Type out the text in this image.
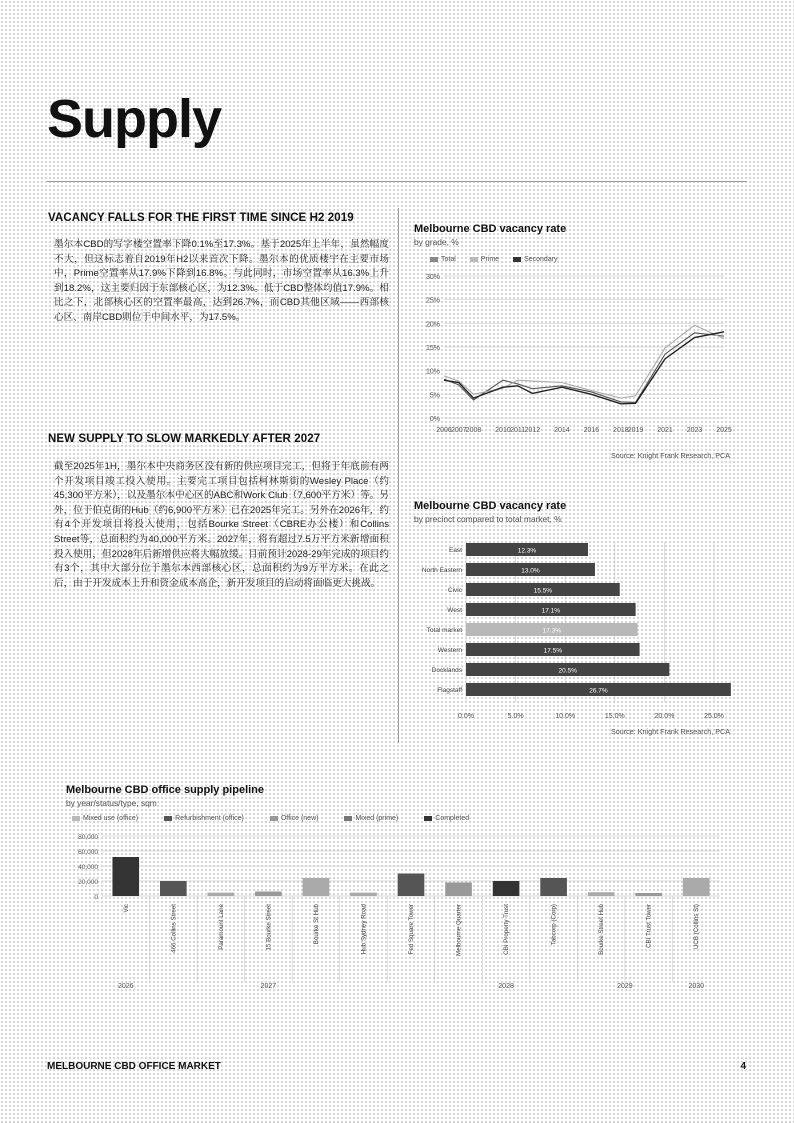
Supply
VACANCY FALLS FOR THE FIRST TIME SINCE H2 2019
墨尔本CBD的写字楼空置率下降0.1%至17.3%。基于2025年上半年，虽然幅度不大，但这标志着自2019年H2以来首次下降。墨尔本的优质楼宇在主要市场中，Prime空置率从17.9%下降到16.8%。与此同时，市场空置率从16.3%上升到18.2%，这主要归因于东部核心区，为12.3%。低于CBD整体均值17.9%。相比之下，北部核心区的空置率最高，达到26.7%，而CBD其他区域——西部核心区、南岸CBD则位于中间水平，为17.5%。
NEW SUPPLY TO SLOW MARKEDLY AFTER 2027
截至2025年1H，墨尔本中央商务区没有新的供应项目完工，但将于年底前有两个开发项目竣工投入使用。主要完工项目包括柯林斯街的Wesley Place（约45,300平方米），以及墨尔本中心区的ABC和Work Club（7,600平方米）等。另外，位于伯克街的Hub（约6,900平方米）已在2025年完工。另外在2026年，约有4个开发项目将投入使用，包括Bourke Street（CBRE办公楼）和Collins Street等，总面积约为40,000平方米。2027年，将有超过7.5万平方米新增面积投入使用，但2028年后新增供应将大幅放缓。目前预计2028-29年完成的项目约有3个，其中大部分位于墨尔本西部核心区，总面积约为9万平方米。在此之后，由于开发成本上升和资金成本高企，新开发项目的启动将面临更大挑战。
Melbourne CBD vacancy rate
by grade, %
Total	Prime	Secondary
0%
5%
10%
15%
20%
25%
30%
2006 2007 2008 2010 2011 2012 2014 2016 2018 2019 2021 2023 2025
Source: Knight Frank Research, PCA
Melbourne CBD vacancy rate
by precinct compared to total market, %
0.0%	5.0%	10.0%	15.0%	20.0%	25.0%
East	12.3%
North Eastern	13.0%
Civic	15.5%
West	17.1%
Total market	17.3%
Western	17.5%
Docklands	20.5%
Flagstaff	26.7%
Source: Knight Frank Research, PCA
Melbourne CBD office supply pipeline
by year/status/type, sqm
Mixed use (office)	Refurbishment (office)	Office (new)	Mixed (prime)	Completed
0
20,000
40,000
60,000
80,000
Vic	466 Collins Street	Paramount Lane	15 Bourke Street	Bourke St Hub	Hub Sydney Road	Fed Square Tower	Melbourne Quarter	CBI Property Trust	Tabcorp (Corp)	Bourke Street Hub	CBI Trust Tower	UCB (Collins St)
2026	2027	2028	2029	2030
MELBOURNE CBD OFFICE MARKET	4
